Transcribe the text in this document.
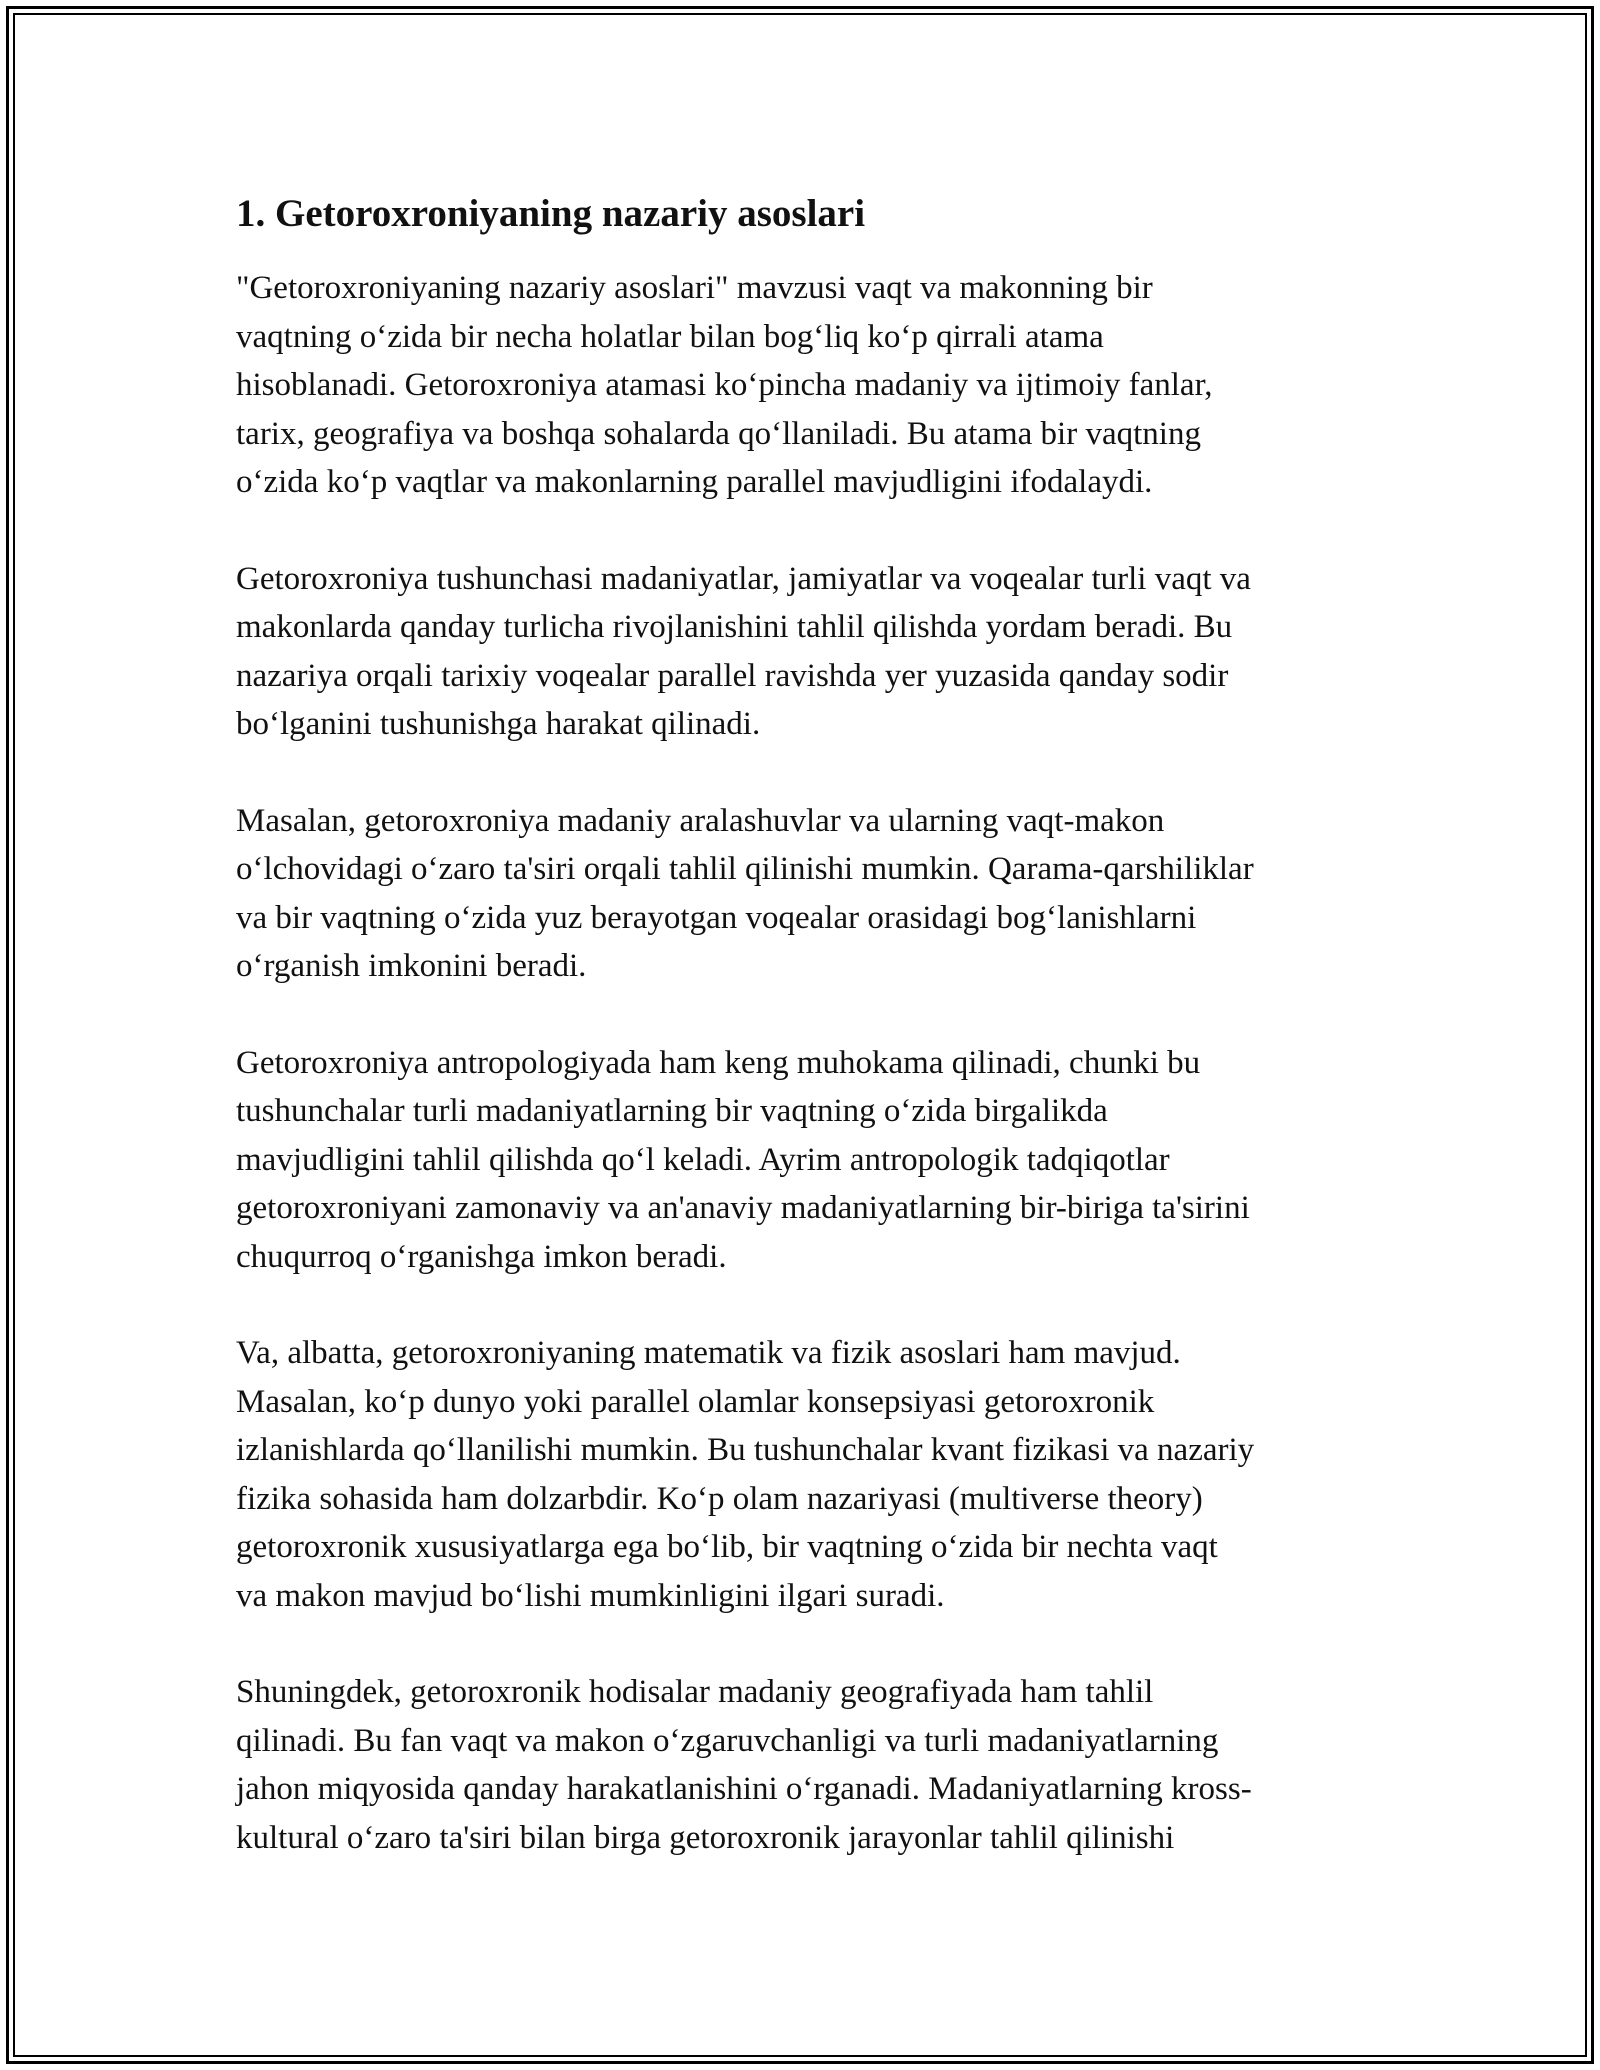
1. Getoroxroniyaning nazariy asoslari

"Getoroxroniyaning nazariy asoslari" mavzusi vaqt va makonning bir
vaqtning oʻzida bir necha holatlar bilan bogʻliq koʻp qirrali atama
hisoblanadi. Getoroxroniya atamasi koʻpincha madaniy va ijtimoiy fanlar,
tarix, geografiya va boshqa sohalarda qoʻllaniladi. Bu atama bir vaqtning
oʻzida koʻp vaqtlar va makonlarning parallel mavjudligini ifodalaydi.

Getoroxroniya tushunchasi madaniyatlar, jamiyatlar va voqealar turli vaqt va
makonlarda qanday turlicha rivojlanishini tahlil qilishda yordam beradi. Bu
nazariya orqali tarixiy voqealar parallel ravishda yer yuzasida qanday sodir
boʻlganini tushunishga harakat qilinadi.

Masalan, getoroxroniya madaniy aralashuvlar va ularning vaqt-makon
oʻlchovidagi oʻzaro ta'siri orqali tahlil qilinishi mumkin. Qarama-qarshiliklar
va bir vaqtning oʻzida yuz berayotgan voqealar orasidagi bogʻlanishlarni
oʻrganish imkonini beradi.

Getoroxroniya antropologiyada ham keng muhokama qilinadi, chunki bu
tushunchalar turli madaniyatlarning bir vaqtning oʻzida birgalikda
mavjudligini tahlil qilishda qoʻl keladi. Ayrim antropologik tadqiqotlar
getoroxroniyani zamonaviy va an'anaviy madaniyatlarning bir-biriga ta'sirini
chuqurroq oʻrganishga imkon beradi.

Va, albatta, getoroxroniyaning matematik va fizik asoslari ham mavjud.
Masalan, koʻp dunyo yoki parallel olamlar konsepsiyasi getoroxronik
izlanishlarda qoʻllanilishi mumkin. Bu tushunchalar kvant fizikasi va nazariy
fizika sohasida ham dolzarbdir. Koʻp olam nazariyasi (multiverse theory)
getoroxronik xususiyatlarga ega boʻlib, bir vaqtning oʻzida bir nechta vaqt
va makon mavjud boʻlishi mumkinligini ilgari suradi.

Shuningdek, getoroxronik hodisalar madaniy geografiyada ham tahlil
qilinadi. Bu fan vaqt va makon oʻzgaruvchanligi va turli madaniyatlarning
jahon miqyosida qanday harakatlanishini oʻrganadi. Madaniyatlarning kross-
kultural oʻzaro ta'siri bilan birga getoroxronik jarayonlar tahlil qilinishi
